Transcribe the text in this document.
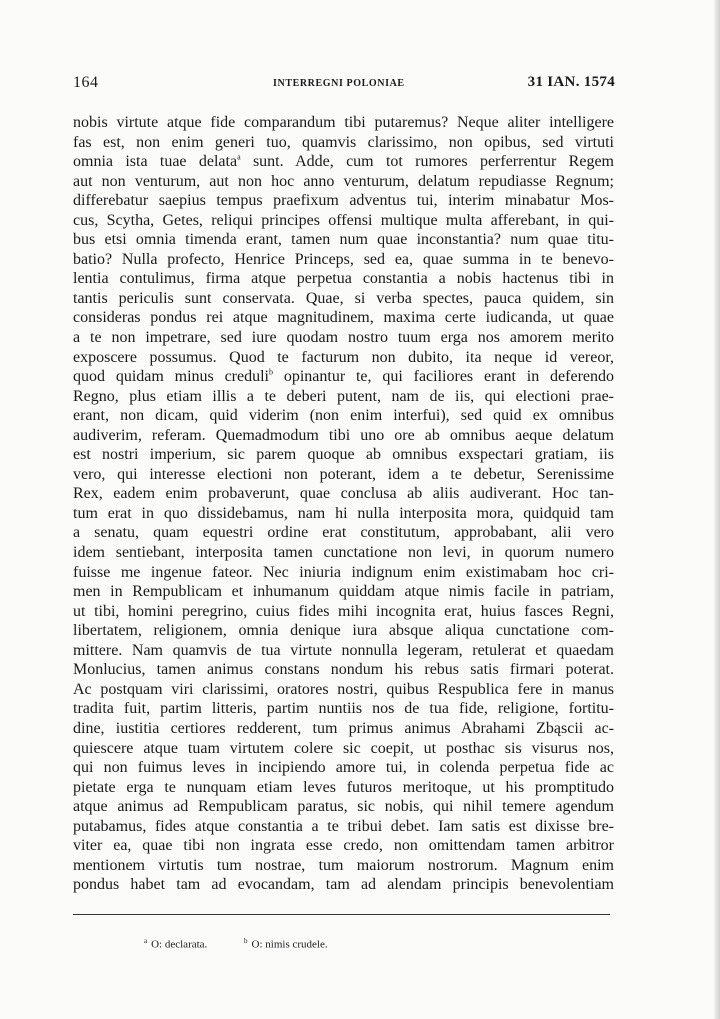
164	INTERREGNI POLONIAE	31 IAN. 1574
nobis virtute atque fide comparandum tibi putaremus? Neque aliter intelligere
fas est, non enim generi tuo, quamvis clarissimo, non opibus, sed virtuti
omnia ista tuae delata$^a$ sunt. Adde, cum tot rumores perferrentur Regem
aut non venturum, aut non hoc anno venturum, delatum repudiasse Regnum;
differebatur saepius tempus praefixum adventus tui, interim minabatur Mos-
cus, Scytha, Getes, reliqui principes offensi multique multa afferebant, in qui-
bus etsi omnia timenda erant, tamen num quae inconstantia? num quae titu-
batio? Nulla profecto, Henrice Princeps, sed ea, quae summa in te benevo-
lentia contulimus, firma atque perpetua constantia a nobis hactenus tibi in
tantis periculis sunt conservata. Quae, si verba spectes, pauca quidem, sin
consideras pondus rei atque magnitudinem, maxima certe iudicanda, ut quae
a te non impetrare, sed iure quodam nostro tuum erga nos amorem merito
exposcere possumus. Quod te facturum non dubito, ita neque id vereor,
quod quidam minus creduli$^b$ opinantur te, qui faciliores erant in deferendo
Regno, plus etiam illis a te deberi putent, nam de iis, qui electioni prae-
erant, non dicam, quid viderim (non enim interfui), sed quid ex omnibus
audiverim, referam. Quemadmodum tibi uno ore ab omnibus aeque delatum
est nostri imperium, sic parem quoque ab omnibus exspectari gratiam, iis
vero, qui interesse electioni non poterant, idem a te debetur, Serenissime
Rex, eadem enim probaverunt, quae conclusa ab aliis audiverant. Hoc tan-
tum erat in quo dissidebamus, nam hi nulla interposita mora, quidquid tam
a senatu, quam equestri ordine erat constitutum, approbabant, alii vero
idem sentiebant, interposita tamen cunctatione non levi, in quorum numero
fuisse me ingenue fateor. Nec iniuria indignum enim existimabam hoc cri-
men in Rempublicam et inhumanum quiddam atque nimis facile in patriam,
ut tibi, homini peregrino, cuius fides mihi incognita erat, huius fasces Regni,
libertatem, religionem, omnia denique iura absque aliqua cunctatione com-
mittere. Nam quamvis de tua virtute nonnulla legeram, retulerat et quaedam
Monlucius, tamen animus constans nondum his rebus satis firmari poterat.
Ac postquam viri clarissimi, oratores nostri, quibus Respublica fere in manus
tradita fuit, partim litteris, partim nuntiis nos de tua fide, religione, fortitu-
dine, iustitia certiores redderent, tum primus animus Abrahami Zbąscii ac-
quiescere atque tuam virtutem colere sic coepit, ut posthac sis visurus nos,
qui non fuimus leves in incipiendo amore tui, in colenda perpetua fide ac
pietate erga te nunquam etiam leves futuros meritoque, ut his promptitudo
atque animus ad Rempublicam paratus, sic nobis, qui nihil temere agendum
putabamus, fides atque constantia a te tribui debet. Iam satis est dixisse bre-
viter ea, quae tibi non ingrata esse credo, non omittendam tamen arbitror
mentionem virtutis tum nostrae, tum maiorum nostrorum. Magnum enim
pondus habet tam ad evocandam, tam ad alendam principis benevolentiam
$^a$ O: declarata.	$^b$ O: nimis crudele.
